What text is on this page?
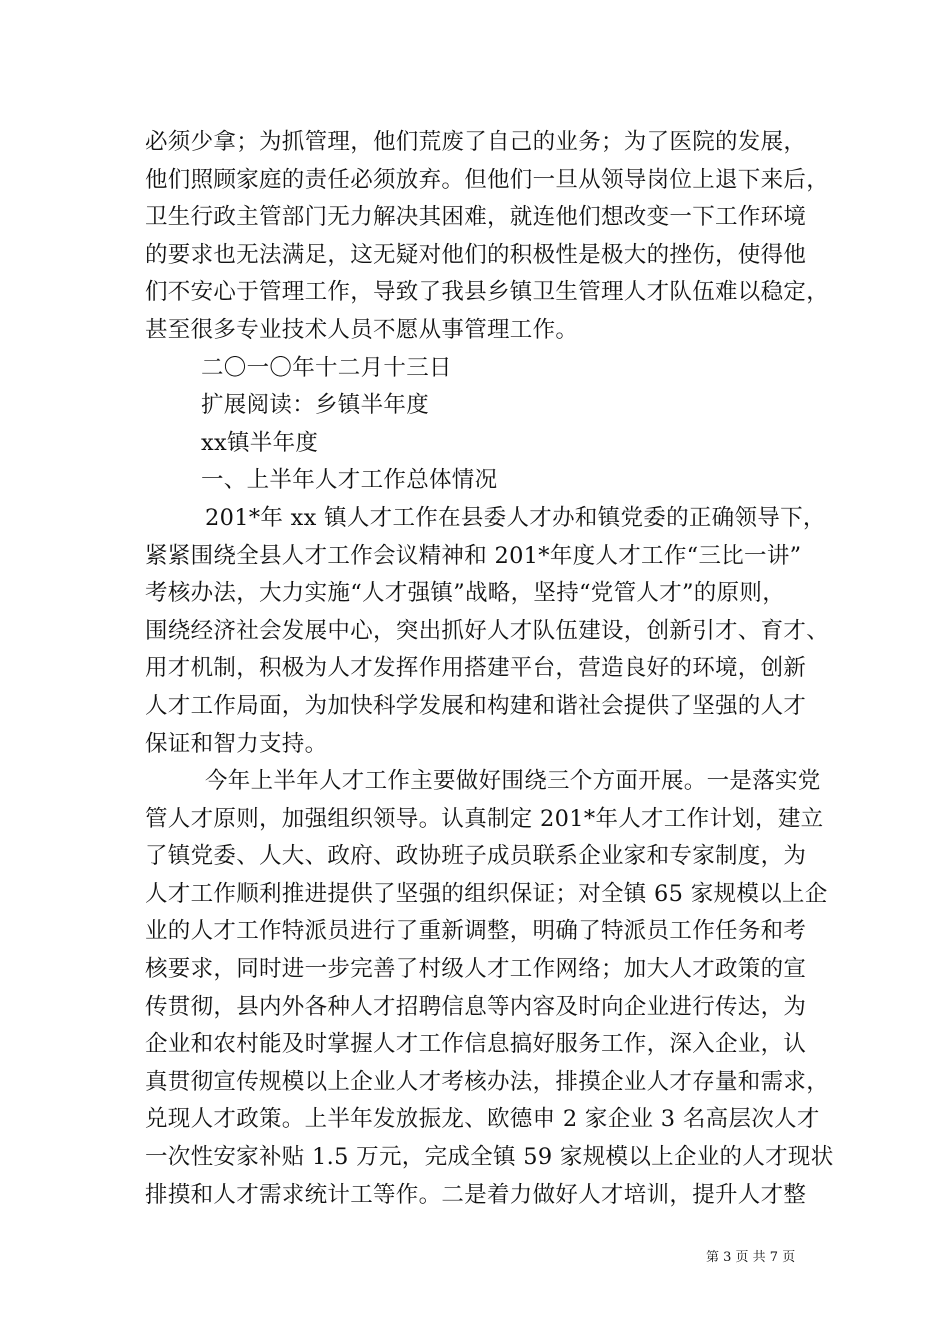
必须少拿；为抓管理，他们荒废了自己的业务；为了医院的发展，
他们照顾家庭的责任必须放弃。但他们一旦从领导岗位上退下来后，
卫生行政主管部门无力解决其困难，就连他们想改变一下工作环境
的要求也无法满足，这无疑对他们的积极性是极大的挫伤，使得他
们不安心于管理工作，导致了我县乡镇卫生管理人才队伍难以稳定，
甚至很多专业技术人员不愿从事管理工作。
二〇一〇年十二月十三日
扩展阅读：乡镇半年度
xx镇半年度
一、上半年人才工作总体情况
201*年 xx 镇人才工作在县委人才办和镇党委的正确领导下，
紧紧围绕全县人才工作会议精神和 201*年度人才工作“三比一讲”
考核办法，大力实施“人才强镇”战略，坚持“党管人才”的原则，
围绕经济社会发展中心，突出抓好人才队伍建设，创新引才、育才、
用才机制，积极为人才发挥作用搭建平台，营造良好的环境，创新
人才工作局面，为加快科学发展和构建和谐社会提供了坚强的人才
保证和智力支持。
今年上半年人才工作主要做好围绕三个方面开展。一是落实党
管人才原则，加强组织领导。认真制定 201*年人才工作计划，建立
了镇党委、人大、政府、政协班子成员联系企业家和专家制度，为
人才工作顺利推进提供了坚强的组织保证；对全镇 65 家规模以上企
业的人才工作特派员进行了重新调整，明确了特派员工作任务和考
核要求，同时进一步完善了村级人才工作网络；加大人才政策的宣
传贯彻，县内外各种人才招聘信息等内容及时向企业进行传达，为
企业和农村能及时掌握人才工作信息搞好服务工作，深入企业，认
真贯彻宣传规模以上企业人才考核办法，排摸企业人才存量和需求，
兑现人才政策。上半年发放振龙、欧德申 2 家企业 3 名高层次人才
一次性安家补贴 1.5 万元，完成全镇 59 家规模以上企业的人才现状
排摸和人才需求统计工等作。二是着力做好人才培训，提升人才整
第 3 页 共 7 页
